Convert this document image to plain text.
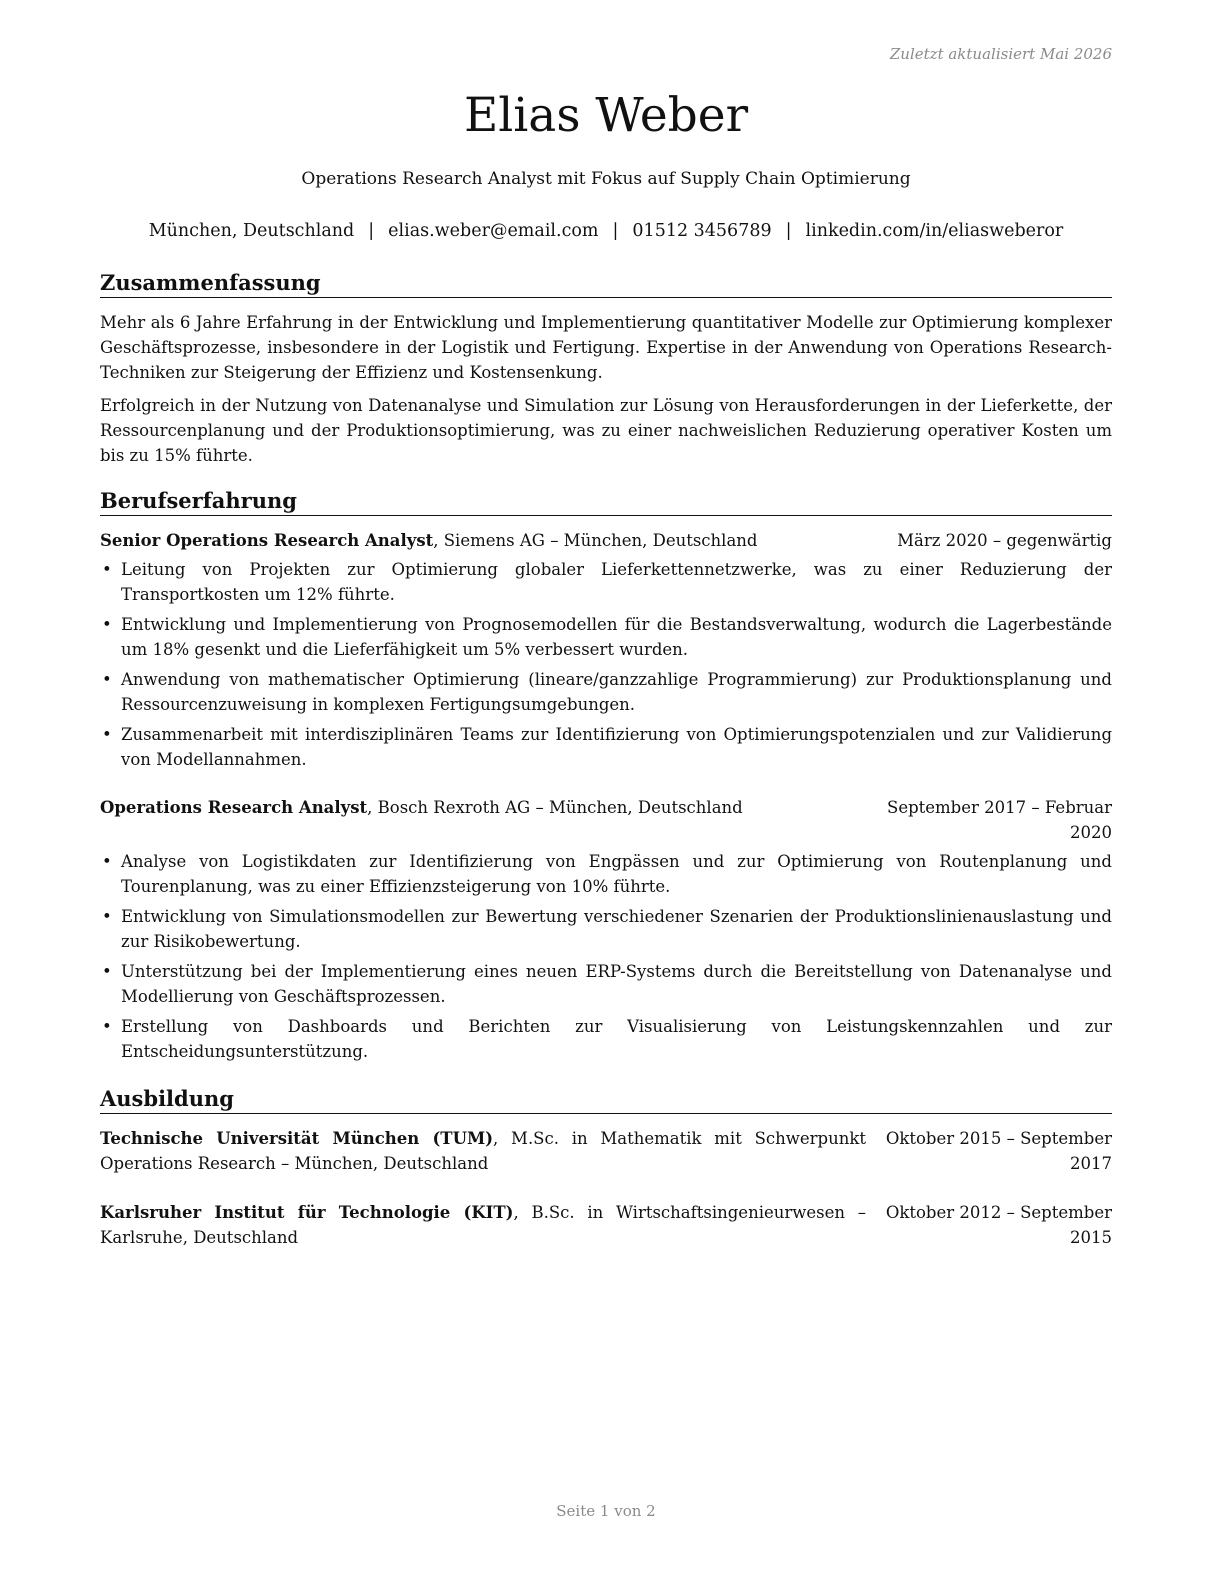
Zuletzt aktualisiert Mai 2026
Elias Weber
Operations Research Analyst mit Fokus auf Supply Chain Optimierung
München, Deutschland | elias.weber@email.com | 01512 3456789 | linkedin.com/in/eliasweberor
Zusammenfassung

Mehr als 6 Jahre Erfahrung in der Entwicklung und Implementierung quantitativer Modelle zur Optimierung komplexer Geschäftsprozesse, insbesondere in der Logistik und Fertigung. Expertise in der Anwendung von Operations Research-Techniken zur Steigerung der Effizienz und Kostensenkung.

Erfolgreich in der Nutzung von Datenanalyse und Simulation zur Lösung von Herausforderungen in der Lieferkette, der Ressourcenplanung und der Produktionsoptimierung, was zu einer nachweislichen Reduzierung operativer Kosten um bis zu 15% führte.

Berufserfahrung
Senior Operations Research Analyst, Siemens AG – München, Deutschland	März 2020 – gegenwärtig
• Leitung von Projekten zur Optimierung globaler Lieferkettennetzwerke, was zu einer Reduzierung der Transportkosten um 12% führte.
• Entwicklung und Implementierung von Prognosemodellen für die Bestandsverwaltung, wodurch die Lagerbestände um 18% gesenkt und die Lieferfähigkeit um 5% verbessert wurden.
• Anwendung von mathematischer Optimierung (lineare/ganzzahlige Programmierung) zur Produktionsplanung und Ressourcenzuweisung in komplexen Fertigungsumgebungen.
• Zusammenarbeit mit interdisziplinären Teams zur Identifizierung von Optimierungspotenzialen und zur Validierung von Modellannahmen.
Operations Research Analyst, Bosch Rexroth AG – München, Deutschland	September 2017 – Februar 2020
• Analyse von Logistikdaten zur Identifizierung von Engpässen und zur Optimierung von Routenplanung und Tourenplanung, was zu einer Effizienzsteigerung von 10% führte.
• Entwicklung von Simulationsmodellen zur Bewertung verschiedener Szenarien der Produktionslinienauslastung und zur Risikobewertung.
• Unterstützung bei der Implementierung eines neuen ERP-Systems durch die Bereitstellung von Datenanalyse und Modellierung von Geschäftsprozessen.
• Erstellung von Dashboards und Berichten zur Visualisierung von Leistungskennzahlen und zur Entscheidungsunterstützung.
Ausbildung
Oktober 2015 – September 2017
Technische Universität München (TUM), M.Sc. in Mathematik mit Schwerpunkt Operations Research – München, Deutschland
Oktober 2012 – September 2015
Karlsruher Institut für Technologie (KIT), B.Sc. in Wirtschaftsingenieurwesen – Karlsruhe, Deutschland
Seite 1 von 2
